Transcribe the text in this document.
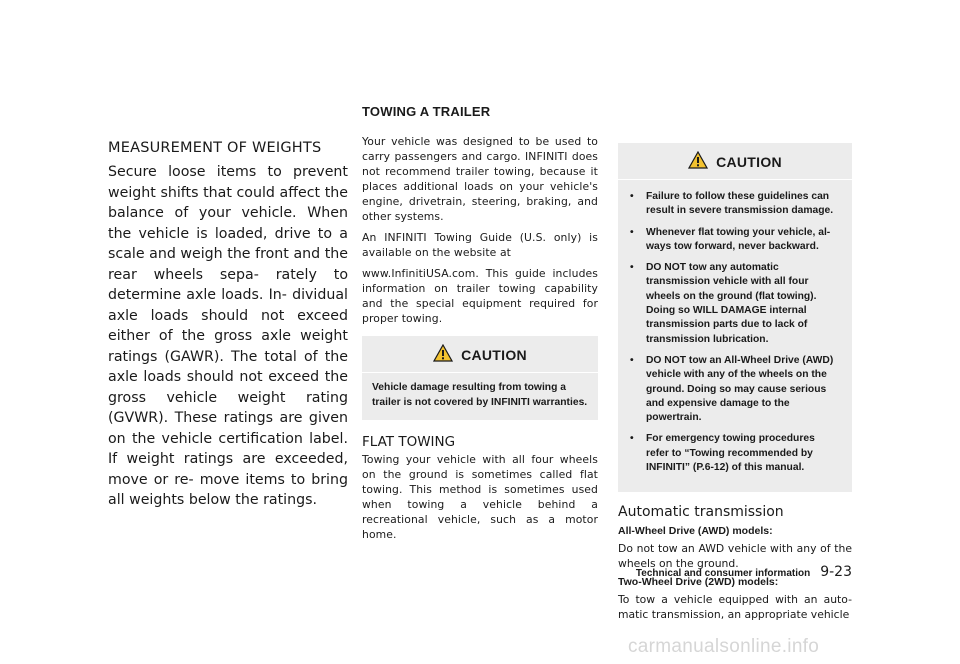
TOWING A TRAILER
MEASUREMENT OF WEIGHTS

Secure loose items to prevent weight shifts that could affect the balance of your vehicle. When the vehicle is loaded, drive to a scale and weigh the front and the rear wheels sepa- rately to determine axle loads. In- dividual axle loads should not exceed either of the gross axle weight ratings (GAWR). The total of the axle loads should not exceed the gross vehicle weight rating (GVWR). These ratings are given on the vehicle certification label. If weight ratings are exceeded, move or re- move items to bring all weights below the ratings.

Your vehicle was designed to be used to carry passengers and cargo. INFINITI does not recommend trailer towing, because it places additional loads on your vehicle's engine, drivetrain, steering, braking, and other systems.

An INFINITI Towing Guide (U.S. only) is available on the website at

www.InfinitiUSA.com. This guide includes information on trailer towing capability and the special equipment required for proper towing.

CAUTION
Vehicle damage resulting from towing a trailer is not covered by INFINITI warranties.
FLAT TOWING

Towing your vehicle with all four wheels on the ground is sometimes called flat towing. This method is sometimes used when towing a vehicle behind a recreational vehicle, such as a motor home.

CAUTION
• Failure to follow these guidelines can result in severe transmission damage.
• Whenever flat towing your vehicle, al- ways tow forward, never backward.
• DO NOT tow any automatic transmission vehicle with all four wheels on the ground (flat towing). Doing so WILL DAMAGE internal transmission parts due to lack of transmission lubrication.
• DO NOT tow an All-Wheel Drive (AWD) vehicle with any of the wheels on the ground. Doing so may cause serious and expensive damage to the powertrain.
• For emergency towing procedures refer to “Towing recommended by INFINITI” (P.6-12) of this manual.
Automatic transmission
All-Wheel Drive (AWD) models:

Do not tow an AWD vehicle with any of the wheels on the ground.

Two-Wheel Drive (2WD) models:

To tow a vehicle equipped with an auto- matic transmission, an appropriate vehicle

Technical and consumer information 9-23
carmanualsonline.info
